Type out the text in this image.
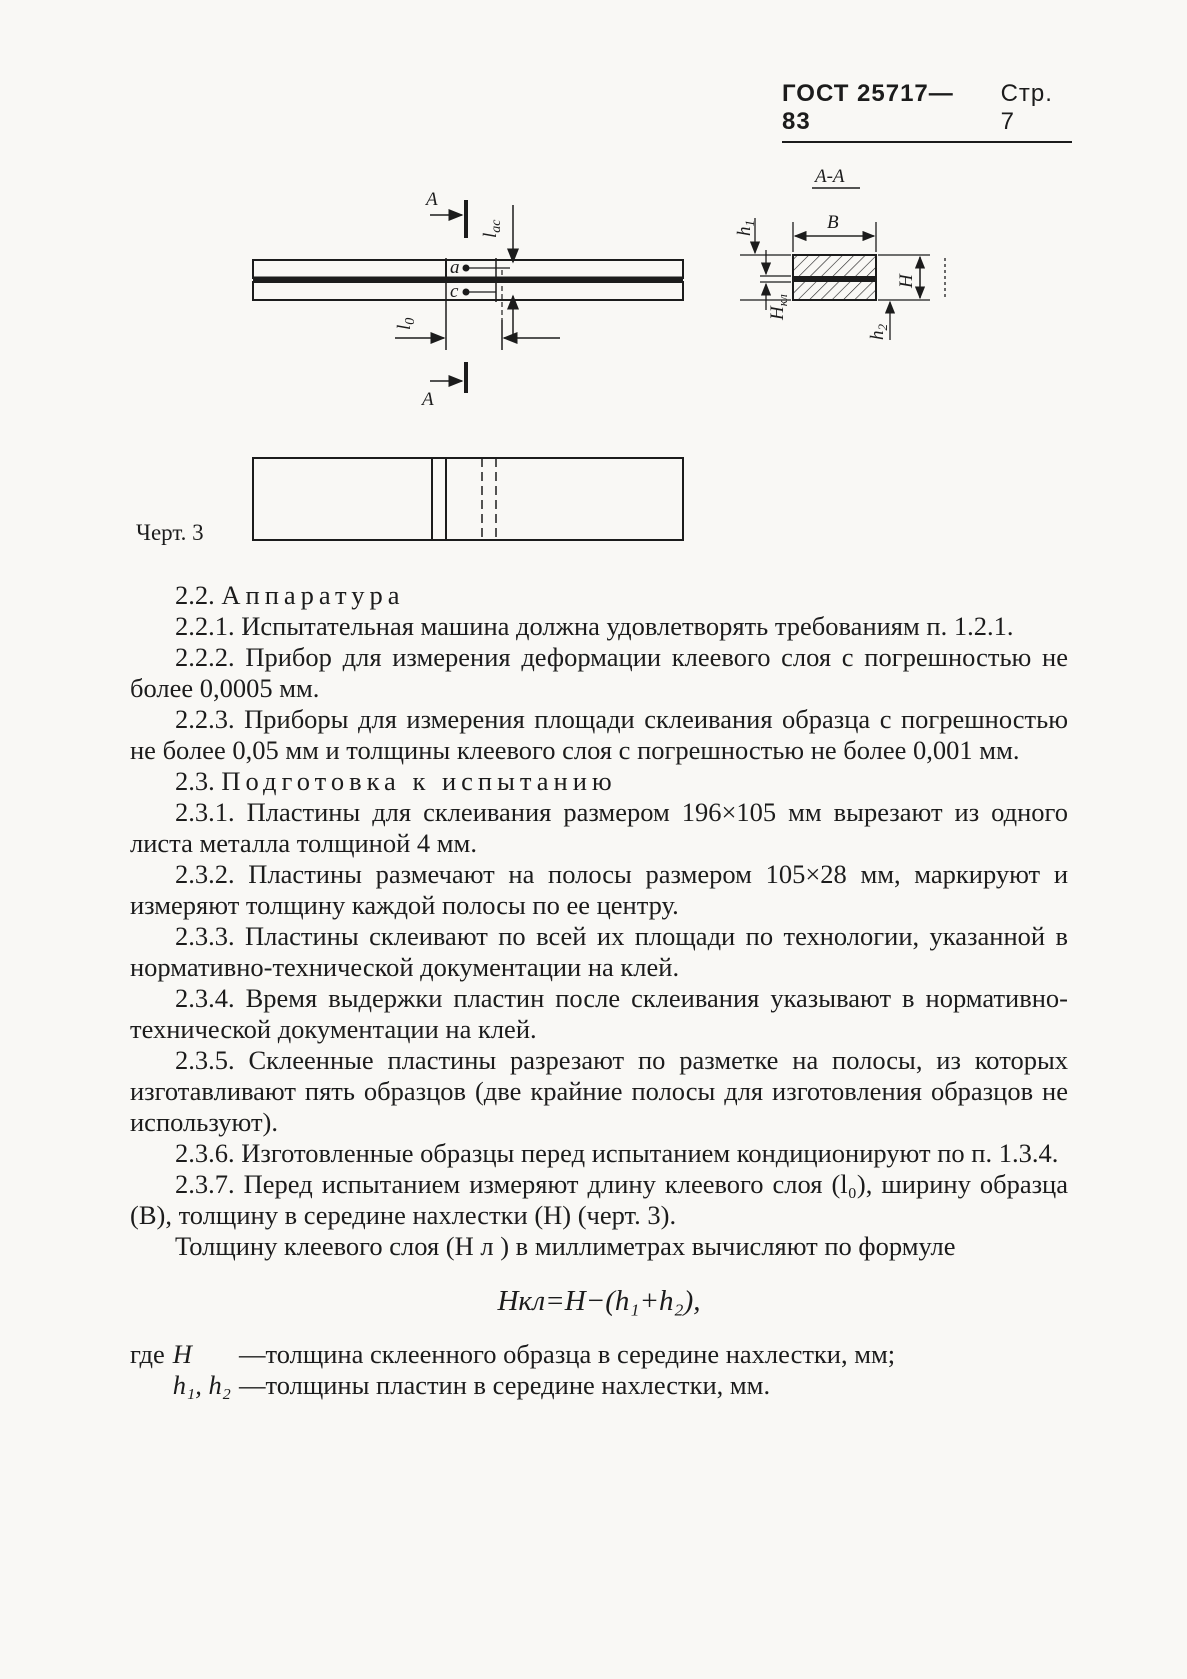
ГОСТ 25717—83
Стр. 7
a
c
$l_{ac}$
$l_0$
А
А
А-А
B
H
$h_1$
$h_2$
$H_{кл}$
Черт. 3

2.2. Аппаратура

2.2.1. Испытательная машина должна удовлетворять требованиям п. 1.2.1.

2.2.2. Прибор для измерения деформации клеевого слоя с погрешностью не более 0,0005 мм.

2.2.3. Приборы для измерения площади склеивания образца с погрешностью не более 0,05 мм и толщины клеевого слоя с погрешностью не более 0,001 мм.

2.3. Подготовка к испытанию

2.3.1. Пластины для склеивания размером 196×105 мм вырезают из одного листа металла толщиной 4 мм.

2.3.2. Пластины размечают на полосы размером 105×28 мм, маркируют и измеряют толщину каждой полосы по ее центру.

2.3.3. Пластины склеивают по всей их площади по технологии, указанной в нормативно-технической документации на клей.

2.3.4. Время выдержки пластин после склеивания указывают в нормативно-технической документации на клей.

2.3.5. Склеенные пластины разрезают по разметке на полосы, из которых изготавливают пять образцов (две крайние полосы для изготовления образцов не используют).

2.3.6. Изготовленные образцы перед испытанием кондиционируют по п. 1.3.4.

2.3.7. Перед испытанием измеряют длину клеевого слоя (l₀), ширину образца (B), толщину в середине нахлестки (H) (черт. 3).

Толщину клеевого слоя (H л ) в миллиметрах вычисляют по формуле

Hкл=H−(h₁+h₂),
где H	—толщина склеенного образца в середине нахлестки, мм;
h₁, h₂ —толщины пластин в середине нахлестки, мм.
